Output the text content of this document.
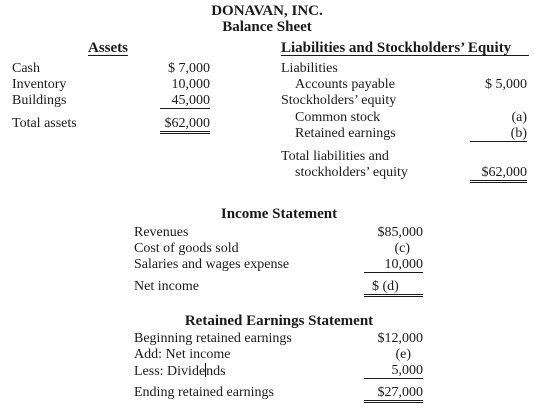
DONAVAN, INC.
Balance Sheet
Assets	Liabilities and Stockholders’ Equity
Cash	$ 7,000
Inventory	10,000
Buildings	45,000
Total assets	$62,000
Liabilities
Accounts payable	$ 5,000
Stockholders’ equity
Common stock	(a)
Retained earnings	(b)
Total liabilities and
stockholders’ equity	$62,000
Income Statement
Revenues	$85,000
Cost of goods sold	(c)
Salaries and wages expense	10,000
Net income	$ (d)
Retained Earnings Statement
Beginning retained earnings	$12,000
Add: Net income	(e)
Less: Dividends	5,000
Ending retained earnings	$27,000
